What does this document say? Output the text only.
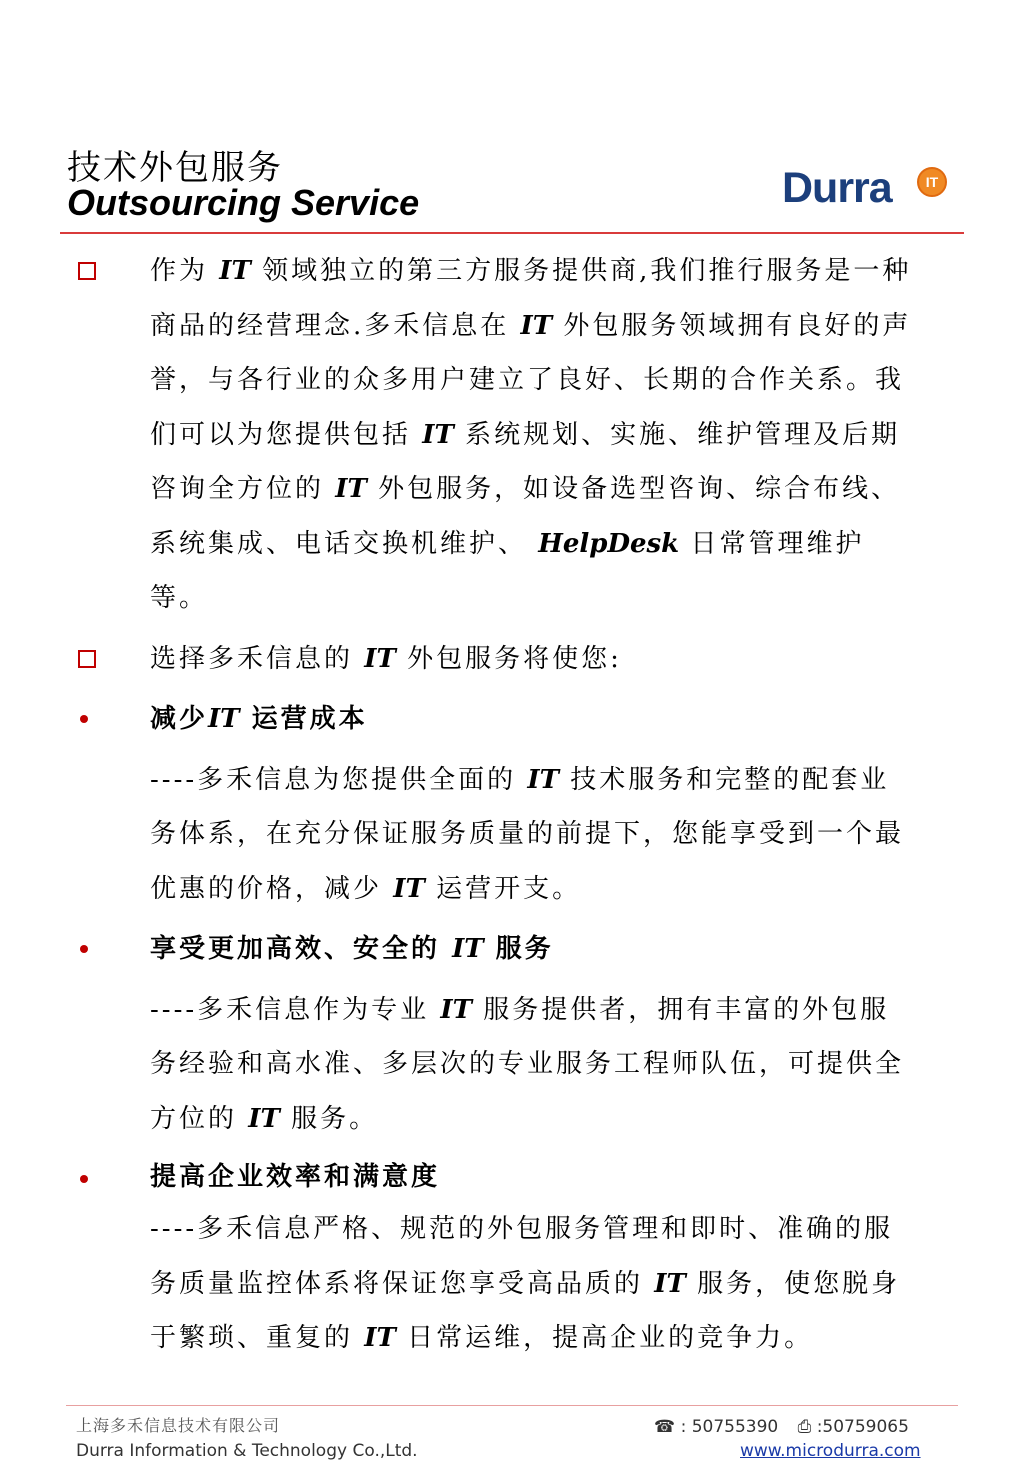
技术外包服务
Outsourcing Service	Durra	IT
作为 IT 领域独立的第三方服务提供商,我们推行服务是一种商品的经营理念.多禾信息在 IT 外包服务领域拥有良好的声誉，与各行业的众多用户建立了良好、长期的合作关系。我们可以为您提供包括 IT 系统规划、实施、维护管理及后期咨询全方位的 IT 外包服务，如设备选型咨询、综合布线、系统集成、电话交换机维护、 HelpDesk 日常管理维护等。
选择多禾信息的 IT 外包服务将使您:
减少IT 运营成本
----多禾信息为您提供全面的 IT 技术服务和完整的配套业务体系，在充分保证服务质量的前提下，您能享受到一个最优惠的价格，减少 IT 运营开支。
享受更加高效、安全的 IT 服务
----多禾信息作为专业 IT 服务提供者，拥有丰富的外包服务经验和高水准、多层次的专业服务工程师队伍，可提供全方位的 IT 服务。
提高企业效率和满意度
----多禾信息严格、规范的外包服务管理和即时、准确的服务质量监控体系将保证您享受高品质的 IT 服务，使您脱身于繁琐、重复的 IT 日常运维，提高企业的竞争力。
上海多禾信息技术有限公司
Durra Information & Technology Co.,Ltd.
☎ : 50755390 ⎙ :50759065
www.microdurra.com
